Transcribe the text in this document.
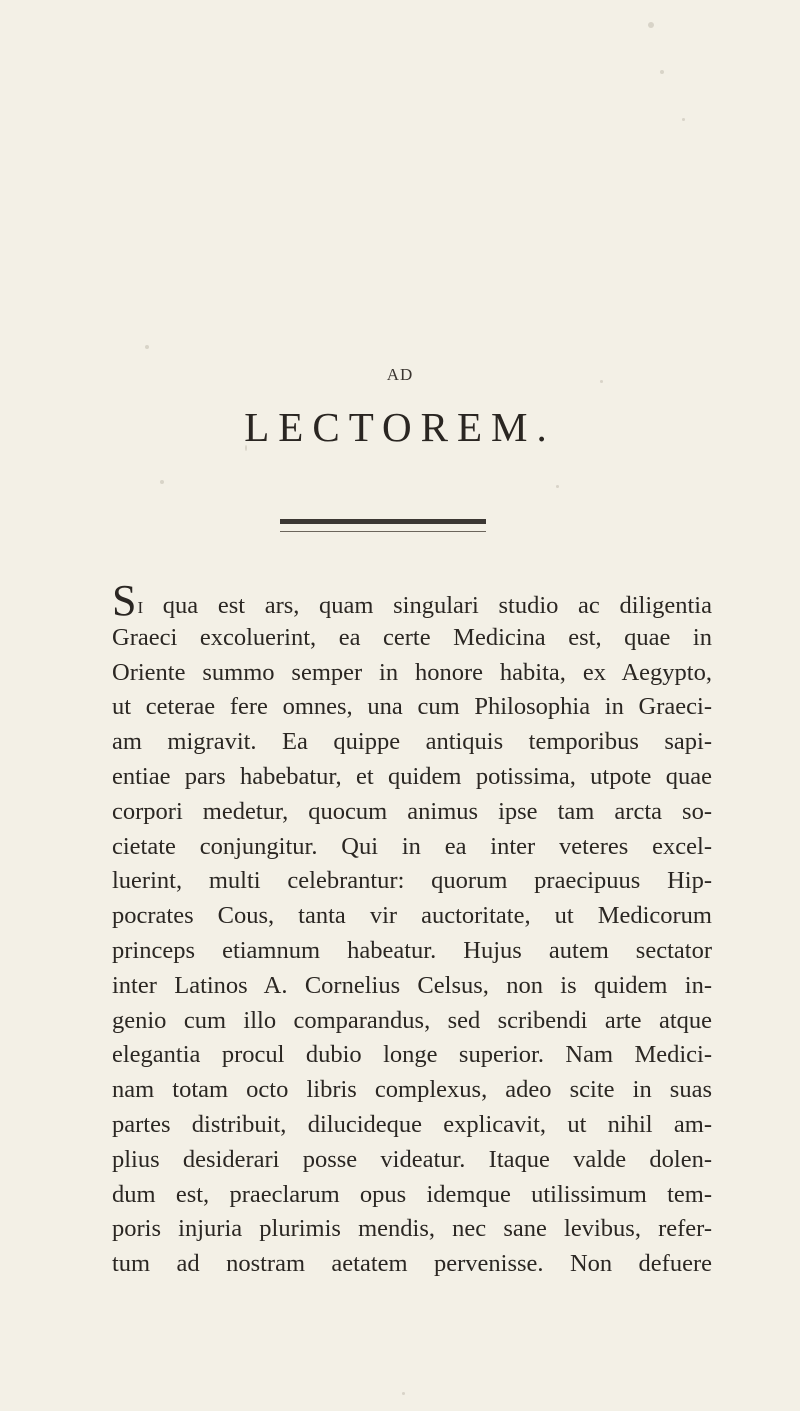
AD
LECTOREM.
Si qua est ars, quam singulari studio ac diligentia
Graeci excoluerint, ea certe Medicina est, quae in
Oriente summo semper in honore habita, ex Aegypto,
ut ceterae fere omnes, una cum Philosophia in Graeci-
am migravit. Ea quippe antiquis temporibus sapi-
entiae pars habebatur, et quidem potissima, utpote quae
corpori medetur, quocum animus ipse tam arcta so-
cietate conjungitur. Qui in ea inter veteres excel-
luerint, multi celebrantur: quorum praecipuus Hip-
pocrates Cous, tanta vir auctoritate, ut Medicorum
princeps etiamnum habeatur. Hujus autem sectator
inter Latinos A. Cornelius Celsus, non is quidem in-
genio cum illo comparandus, sed scribendi arte atque
elegantia procul dubio longe superior. Nam Medici-
nam totam octo libris complexus, adeo scite in suas
partes distribuit, dilucideque explicavit, ut nihil am-
plius desiderari posse videatur. Itaque valde dolen-
dum est, praeclarum opus idemque utilissimum tem-
poris injuria plurimis mendis, nec sane levibus, refer-
tum ad nostram aetatem pervenisse. Non defuere
